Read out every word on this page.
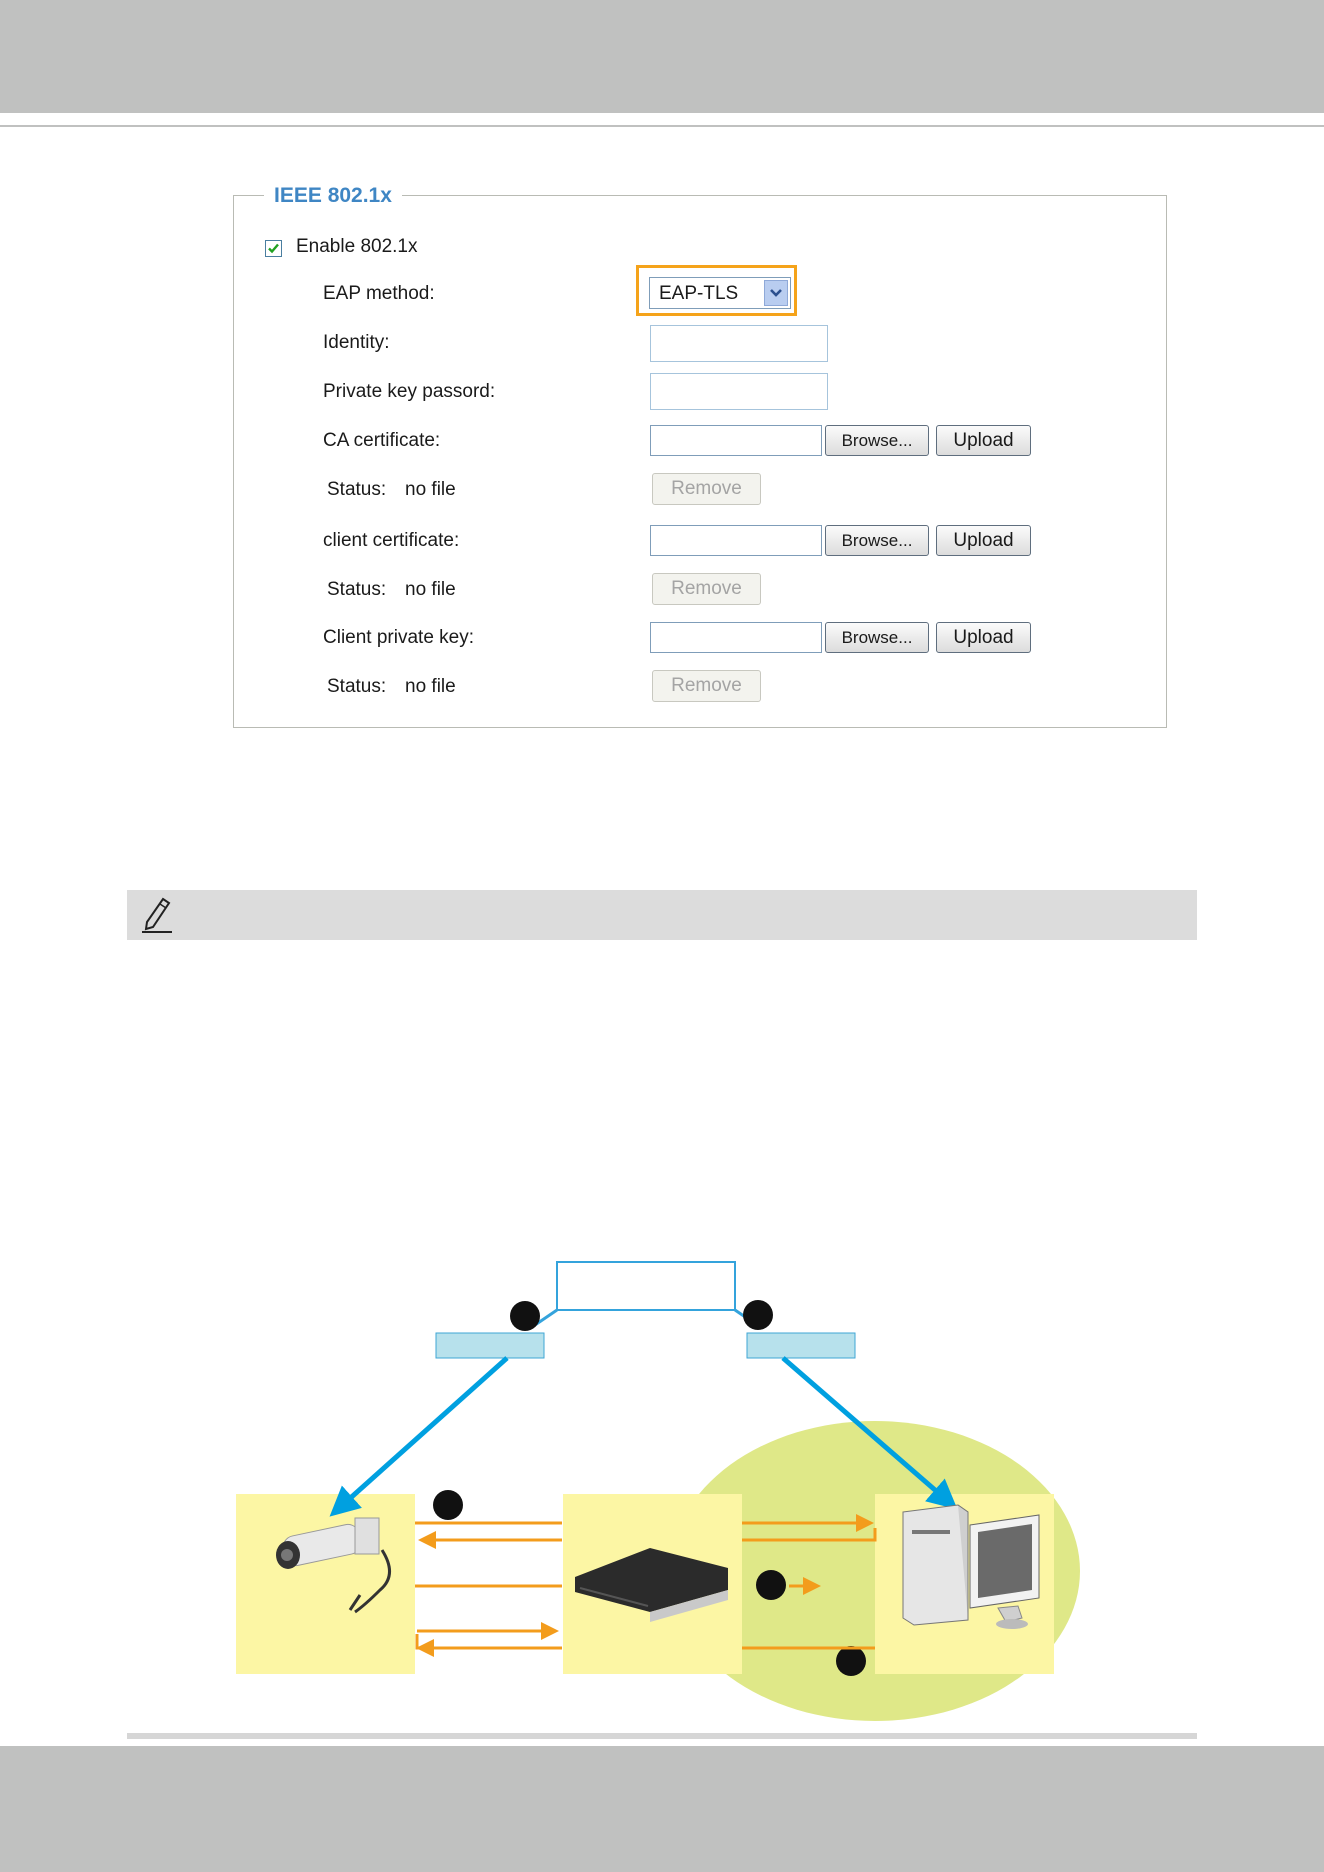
IEEE 802.1x
Enable 802.1x
EAP method:	EAP-TLS
Identity:
Private key passord:
CA certificate:	Browse...	Upload
Status: no file	Remove
client certificate:	Browse...	Upload
Status: no file	Remove
Client private key:	Browse...	Upload
Status: no file	Remove
